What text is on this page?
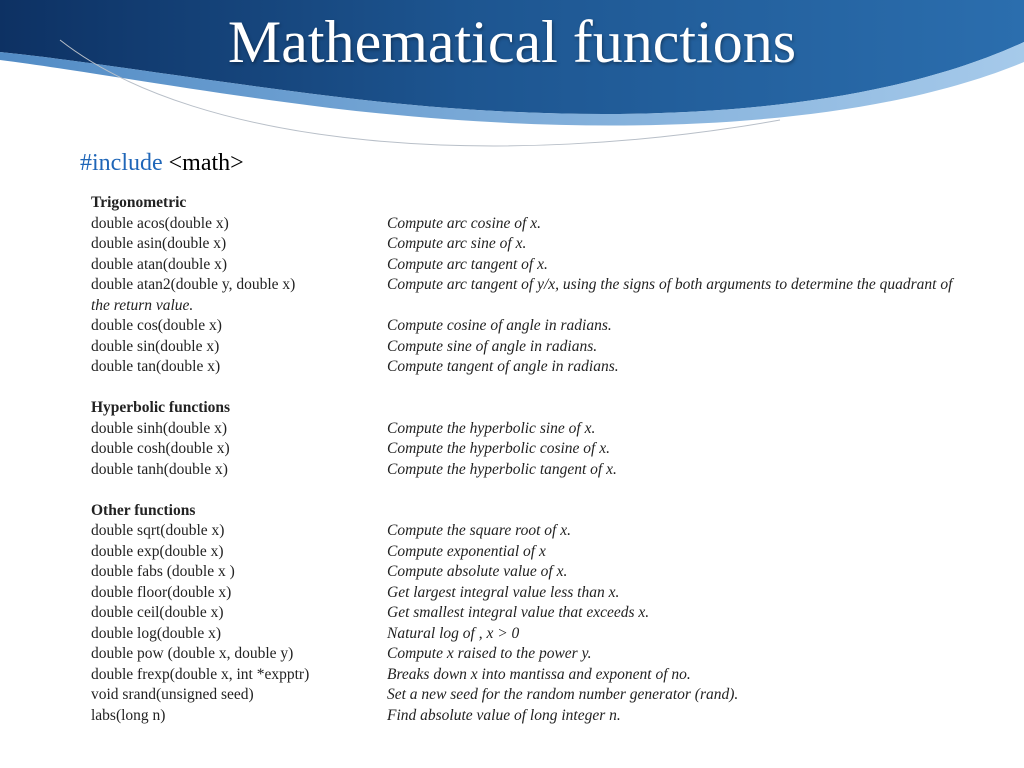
Mathematical functions
#include <math>
Trigonometric
double acos(double x)	Compute arc cosine of x.
double asin(double x)	Compute arc sine of x.
double atan(double x)	Compute arc tangent of x.
double atan2(double y, double x)	Compute arc tangent of y/x, using the signs of both arguments to determine the quadrant of
the return value.
double cos(double x)	Compute cosine of angle in radians.
double sin(double x)	Compute sine of angle in radians.
double tan(double x)	Compute tangent of angle in radians.
Hyperbolic functions
double sinh(double x)	Compute the hyperbolic sine of x.
double cosh(double x)	Compute the hyperbolic cosine of x.
double tanh(double x)	Compute the hyperbolic tangent of x.
Other functions
double sqrt(double x)	Compute the square root of x.
double exp(double x)	Compute exponential of x
double fabs (double x )	Compute absolute value of x.
double floor(double x)	Get largest integral value less than x.
double ceil(double x)	Get smallest integral value that exceeds x.
double log(double x)	Natural log of , x > 0
double pow (double x, double y)	Compute x raised to the power y.
double frexp(double x, int *expptr)	Breaks down x into mantissa and exponent of no.
void srand(unsigned seed)	Set a new seed for the random number generator (rand).
labs(long n)	Find absolute value of long integer n.
